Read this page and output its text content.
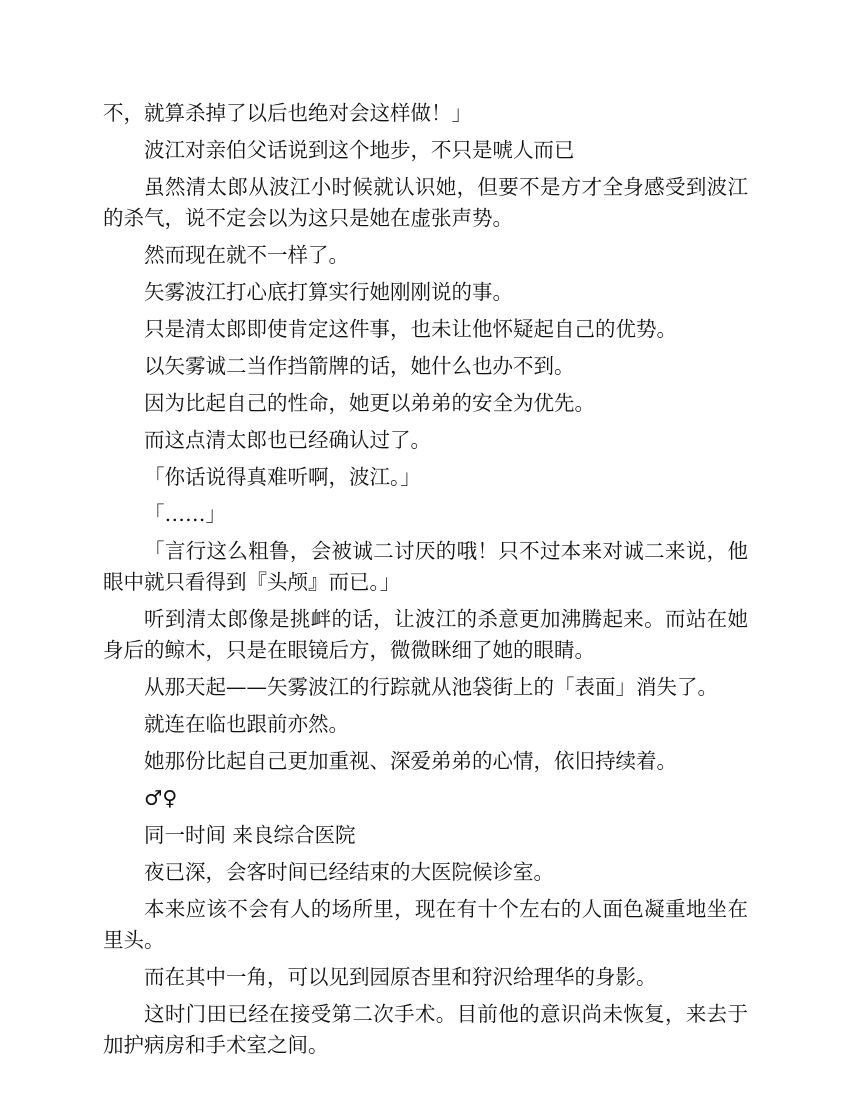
不，就算杀掉了以后也绝对会这样做！」

波江对亲伯父话说到这个地步，不只是唬人而已

虽然清太郎从波江小时候就认识她，但要不是方才全身感受到波江的杀气，说不定会以为这只是她在虚张声势。

然而现在就不一样了。

矢雾波江打心底打算实行她刚刚说的事。

只是清太郎即使肯定这件事，也未让他怀疑起自己的优势。

以矢雾诚二当作挡箭牌的话，她什么也办不到。

因为比起自己的性命，她更以弟弟的安全为优先。

而这点清太郎也已经确认过了。

「你话说得真难听啊，波江。」

「……」

「言行这么粗鲁，会被诚二讨厌的哦！只不过本来对诚二来说，他眼中就只看得到『头颅』而已。」

听到清太郎像是挑衅的话，让波江的杀意更加沸腾起来。而站在她身后的鲸木，只是在眼镜后方，微微眯细了她的眼睛。

从那天起——矢雾波江的行踪就从池袋街上的「表面」消失了。

就连在临也跟前亦然。

她那份比起自己更加重视、深爱弟弟的心情，依旧持续着。

♂♀

同一时间 来良综合医院

夜已深，会客时间已经结束的大医院候诊室。

本来应该不会有人的场所里，现在有十个左右的人面色凝重地坐在里头。

而在其中一角，可以见到园原杏里和狩沢给理华的身影。

这时门田已经在接受第二次手术。目前他的意识尚未恢复，来去于加护病房和手术室之间。
